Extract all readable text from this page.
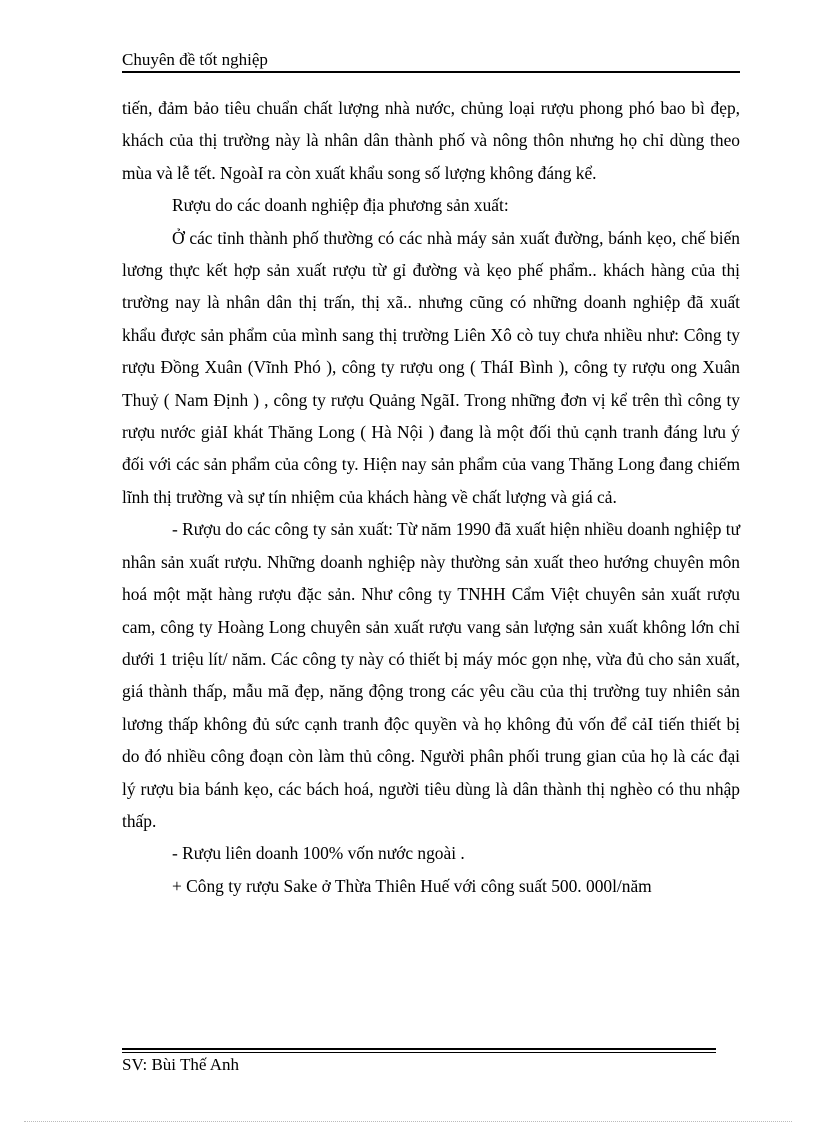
Chuyên đề tốt nghiệp

tiến, đảm bảo tiêu chuẩn chất lượng nhà nước, chủng loại rượu phong phó bao bì đẹp, khách của thị trường này là nhân dân thành phố và nông thôn nhưng họ chỉ dùng theo mùa và lễ tết. NgoàI ra còn xuất khẩu song số lượng không đáng kể.

Rượu do các doanh nghiệp địa phương sản xuất:

Ở các tỉnh thành phố thường có các nhà máy sản xuất đường, bánh kẹo, chế biến lương thực kết hợp sản xuất rượu từ gỉ đường và kẹo phế phẩm.. khách hàng của thị trường nay là nhân dân thị trấn, thị xã.. nhưng cũng có những doanh nghiệp đã xuất khẩu được sản phẩm của mình sang thị trường Liên Xô cò tuy chưa nhiều như: Công ty rượu Đồng Xuân (Vĩnh Phó ), công ty rượu ong ( TháI Bình ), công ty rượu ong Xuân Thuỷ ( Nam Định ) , công ty rượu Quảng NgãI. Trong những đơn vị kể trên thì công ty rượu nước giảI khát Thăng Long ( Hà Nội ) đang là một đối thủ cạnh tranh đáng lưu ý đối với các sản phẩm của công ty. Hiện nay sản phẩm của vang Thăng Long đang chiếm lĩnh thị trường và sự tín nhiệm của khách hàng về chất lượng và giá cả.

- Rượu do các công ty sản xuất: Từ năm 1990 đã xuất hiện nhiều doanh nghiệp tư nhân sản xuất rượu. Những doanh nghiệp này thường sản xuất theo hướng chuyên môn hoá một mặt hàng rượu đặc sản. Như công ty TNHH Cẩm Việt chuyên sản xuất rượu cam, công ty Hoàng Long chuyên sản xuất rượu vang sản lượng sản xuất không lớn chỉ dưới 1 triệu lít/ năm. Các công ty này có thiết bị máy móc gọn nhẹ, vừa đủ cho sản xuất, giá thành thấp, mẫu mã đẹp, năng động trong các yêu cầu của thị trường tuy nhiên sản lương thấp không đủ sức cạnh tranh độc quyền và họ không đủ vốn để cảI tiến thiết bị do đó nhiều công đoạn còn làm thủ công. Người phân phối trung gian của họ là các đại lý rượu bia bánh kẹo, các bách hoá, người tiêu dùng là dân thành thị nghèo có thu nhập thấp.

- Rượu liên doanh 100% vốn nước ngoài .

+ Công ty rượu Sake ở Thừa Thiên Huế với công suất 500. 000l/năm

SV: Bùi Thế Anh
